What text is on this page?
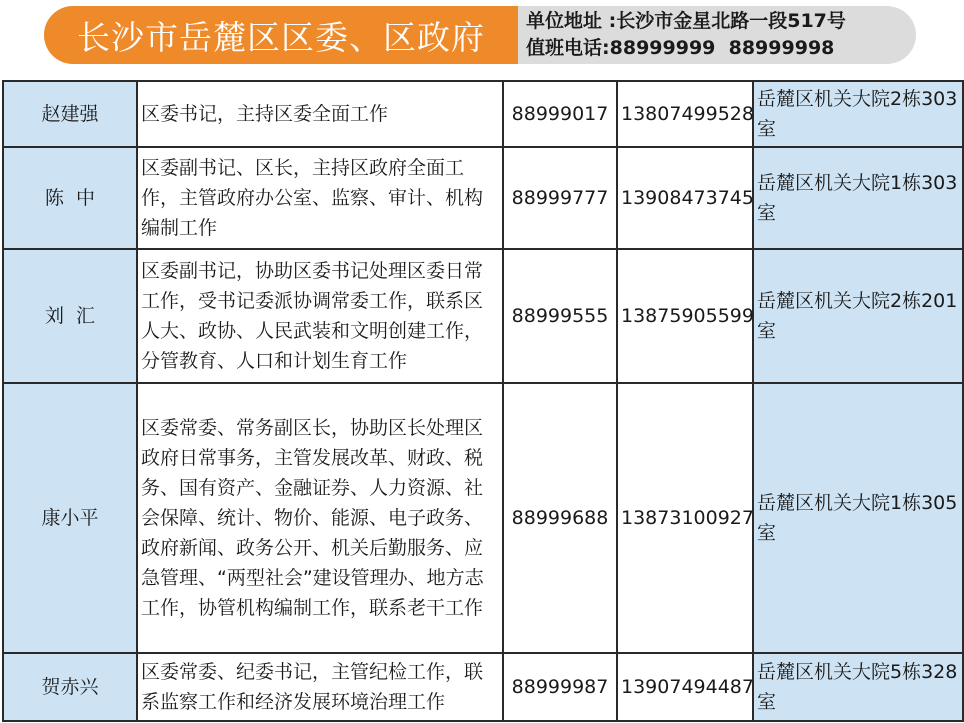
长沙市岳麓区区委、区政府 单位地址 :长沙市金星北路一段517号
值班电话:88999999  88999998
赵建强	区委书记，主持区委全面工作	88999017	13807499528	岳麓区机关大院2栋303室
陈  中	区委副书记、区长，主持区政府全面工作，主管政府办公室、监察、审计、机构编制工作	88999777	13908473745	岳麓区机关大院1栋303室
刘  汇	区委副书记，协助区委书记处理区委日常工作，受书记委派协调常委工作，联系区人大、政协、人民武装和文明创建工作，分管教育、人口和计划生育工作	88999555	13875905599	岳麓区机关大院2栋201室
康小平	区委常委、常务副区长，协助区长处理区政府日常事务，主管发展改革、财政、税务、国有资产、金融证券、人力资源、社会保障、统计、物价、能源、电子政务、政府新闻、政务公开、机关后勤服务、应急管理、“两型社会”建设管理办、地方志工作，协管机构编制工作，联系老干工作	88999688	13873100927	岳麓区机关大院1栋305室
贺赤兴	区委常委、纪委书记，主管纪检工作，联系监察工作和经济发展环境治理工作	88999987	13907494487	岳麓区机关大院5栋328室
